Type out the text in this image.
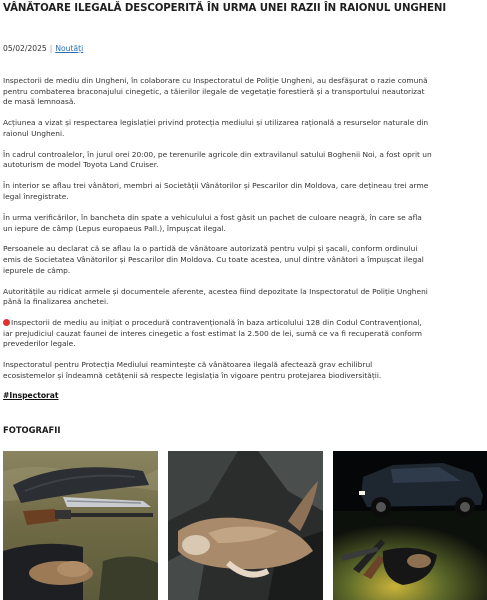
VÂNĂTOARE ILEGALĂ DESCOPERITĂ ÎN URMA UNEI RAZII ÎN RAIONUL UNGHENI
05/02/2025 | Noutăți

Inspectorii de mediu din Ungheni, în colaborare cu Inspectoratul de Poliție Ungheni, au desfășurat o razie comună
pentru combaterea braconajului cinegetic, a tăierilor ilegale de vegetație forestieră și a transportului neautorizat
de masă lemnoasă.

Acțiunea a vizat și respectarea legislației privind protecția mediului și utilizarea rațională a resurselor naturale din
raionul Ungheni.

În cadrul controalelor, în jurul orei 20:00, pe terenurile agricole din extravilanul satului Boghenii Noi, a fost oprit un
autoturism de model Toyota Land Cruiser.

În interior se aflau trei vânători, membri ai Societății Vânătorilor și Pescarilor din Moldova, care dețineau trei arme
legal înregistrate.

În urma verificărilor, în bancheta din spate a vehiculului a fost găsit un pachet de culoare neagră, în care se afla
un iepure de câmp (Lepus europaeus Pall.), împușcat ilegal.

Persoanele au declarat că se aflau la o partidă de vânătoare autorizată pentru vulpi și șacali, conform ordinului
emis de Societatea Vânătorilor și Pescarilor din Moldova. Cu toate acestea, unul dintre vânători a împușcat ilegal
iepurele de câmp.

Autoritățile au ridicat armele și documentele aferente, acestea fiind depozitate la Inspectoratul de Poliție Ungheni
până la finalizarea anchetei.

Inspectorii de mediu au inițiat o procedură contravențională în baza articolului 128 din Codul Contravențional,
iar prejudiciul cauzat faunei de interes cinegetic a fost estimat la 2.500 de lei, sumă ce va fi recuperată conform
prevederilor legale.

Inspectoratul pentru Protecția Mediului reamintește că vânătoarea ilegală afectează grav echilibrul
ecosistemelor și îndeamnă cetățenii să respecte legislația în vigoare pentru protejarea biodiversității.

#Inspectorat
FOTOGRAFII
